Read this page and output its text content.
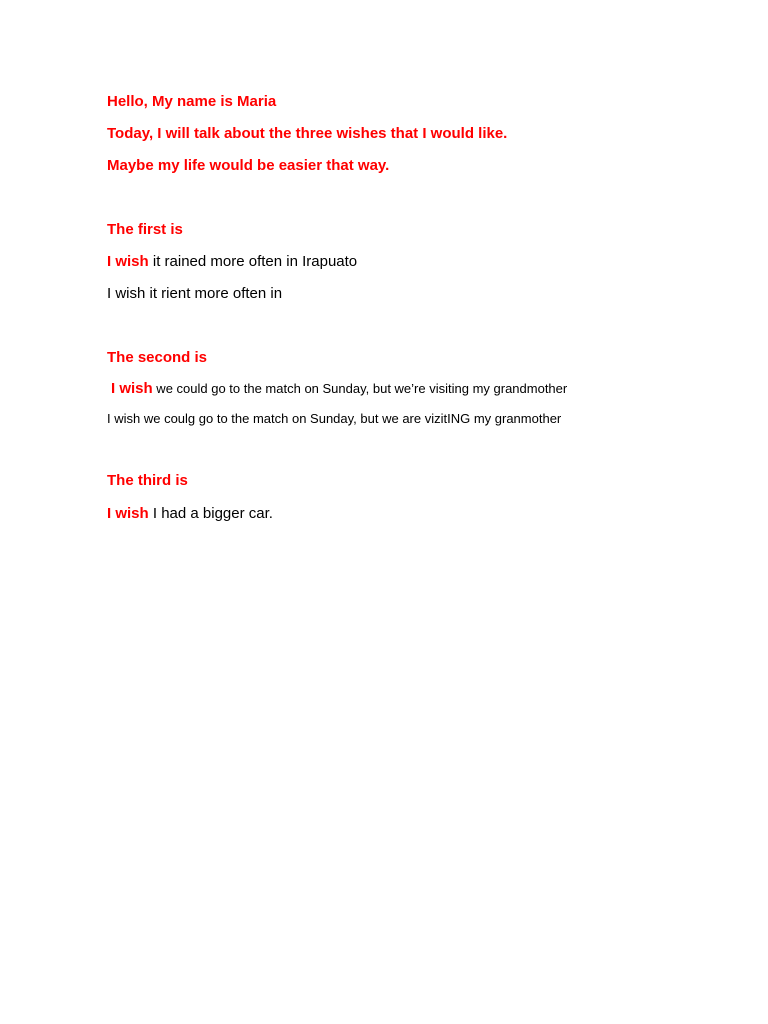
Hello, My name is Maria
Today, I will talk about the three wishes that I would like.
Maybe my life would be easier that way.
The first is
I wish it rained more often in Irapuato
I wish it rient more often in
The second is
I wish we could go to the match on Sunday, but we’re visiting my grandmother
I wish we coulg go to the match on Sunday, but we are vizitING my granmother
The third is
I wish I had a bigger car.
